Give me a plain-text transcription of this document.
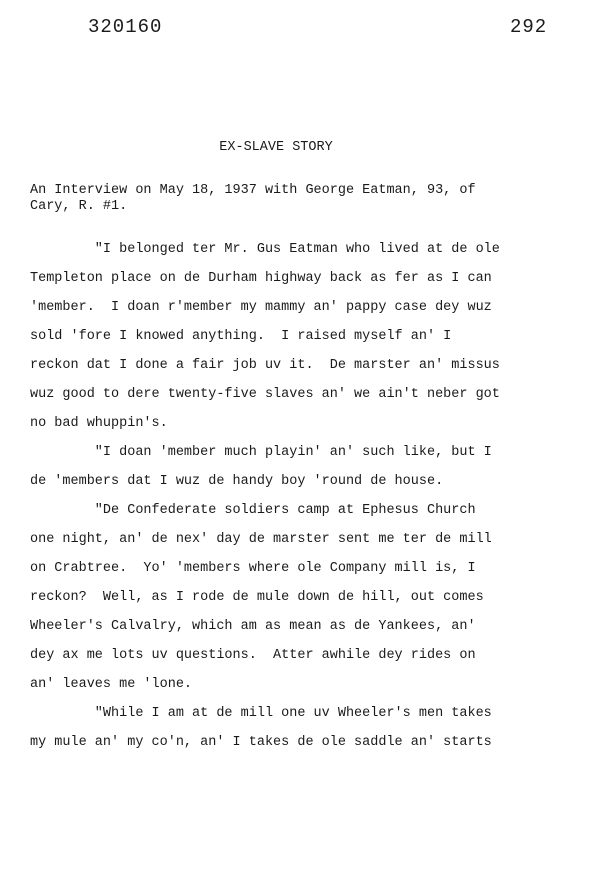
320160	292
EX-SLAVE STORY
An Interview on May 18, 1937 with George Eatman, 93, of
Cary, R. #1.
"I belonged ter Mr. Gus Eatman who lived at de ole
Templeton place on de Durham highway back as fer as I can
'member.  I doan r'member my mammy an' pappy case dey wuz
sold 'fore I knowed anything.  I raised myself an' I
reckon dat I done a fair job uv it.  De marster an' missus
wuz good to dere twenty-five slaves an' we ain't neber got
no bad whuppin's.
"I doan 'member much playin' an' such like, but I
de 'members dat I wuz de handy boy 'round de house.
"De Confederate soldiers camp at Ephesus Church
one night, an' de nex' day de marster sent me ter de mill
on Crabtree.  Yo' 'members where ole Company mill is, I
reckon?  Well, as I rode de mule down de hill, out comes
Wheeler's Calvalry, which am as mean as de Yankees, an'
dey ax me lots uv questions.  Atter awhile dey rides on
an' leaves me 'lone.
"While I am at de mill one uv Wheeler's men takes
my mule an' my co'n, an' I takes de ole saddle an' starts
